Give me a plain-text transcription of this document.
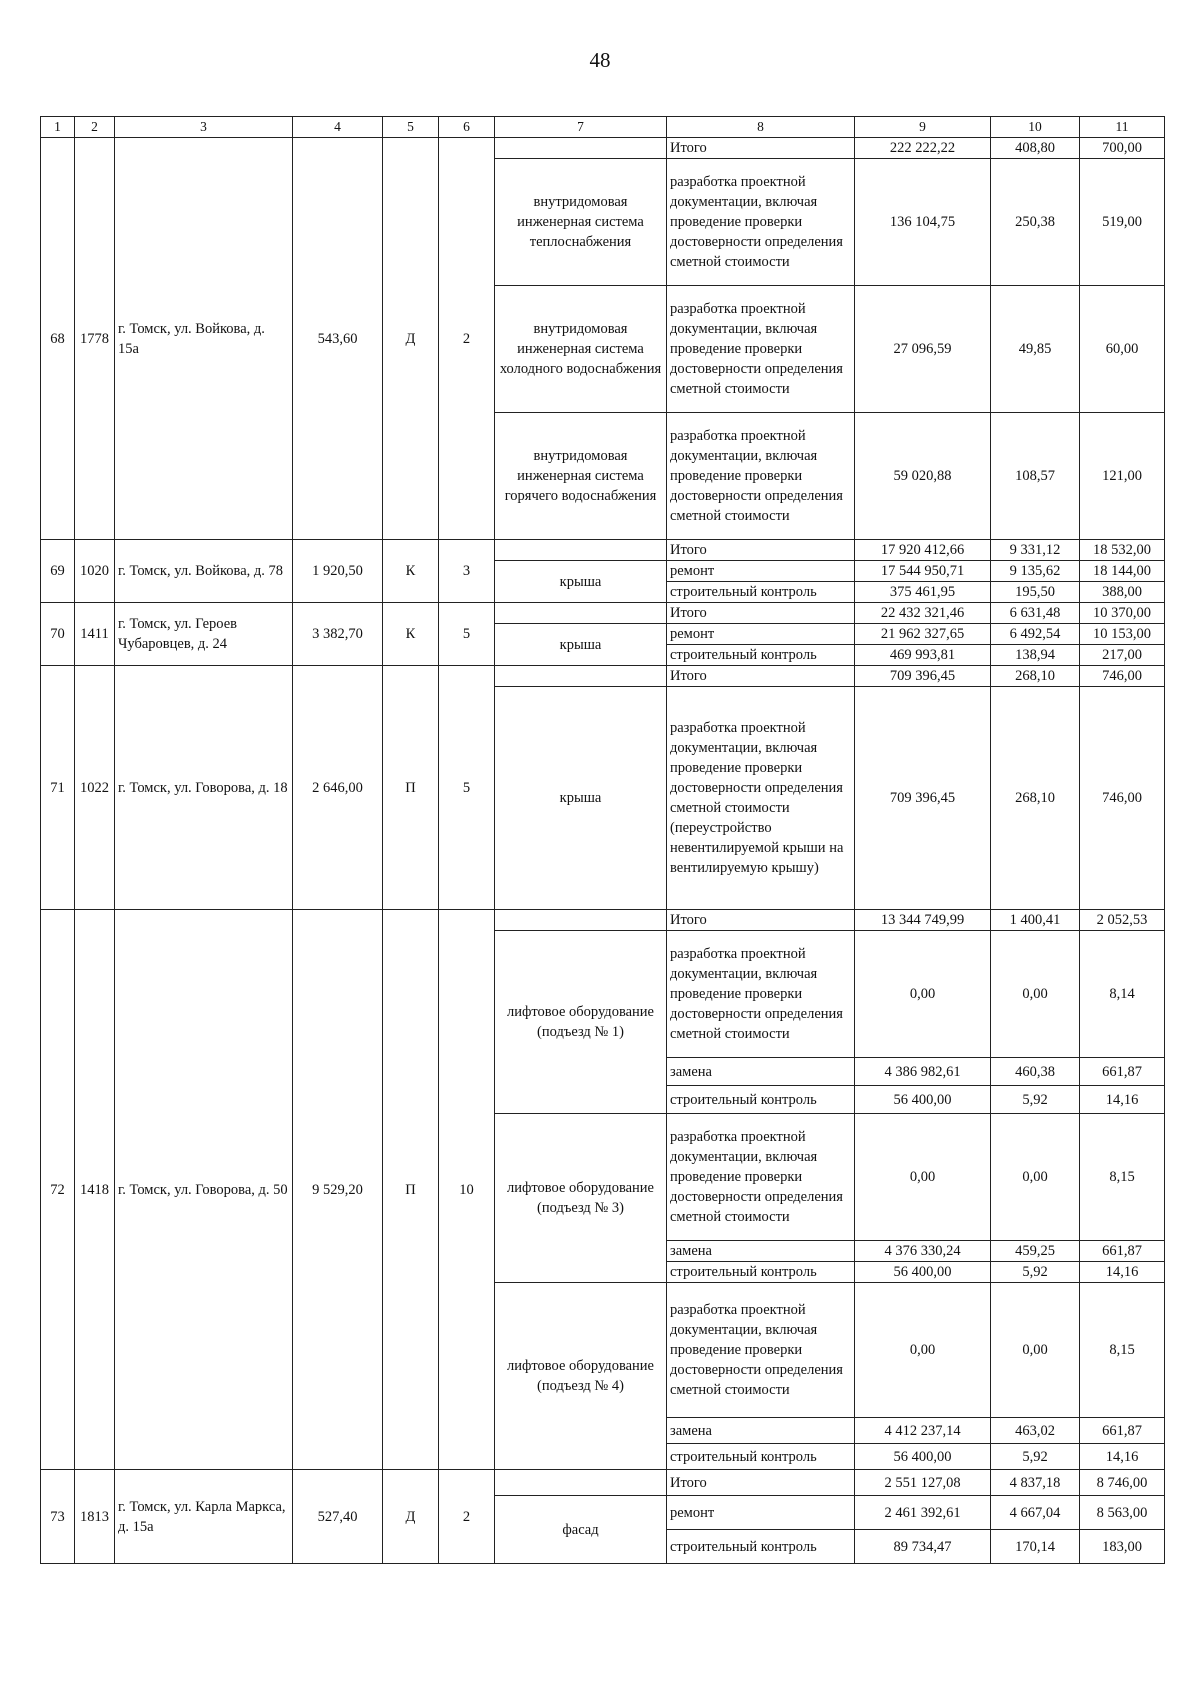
48
1	2	3	4	5	6	7	8	9	10	11
68	1778	г. Томск, ул. Войкова, д. 15а	543,60	Д	2		Итого	222 222,22	408,80	700,00
						внутридомовая инженерная система теплоснабжения	разработка проектной документации, включая проведение проверки достоверности определения сметной стоимости	136 104,75	250,38	519,00
						внутридомовая инженерная система холодного водоснабжения	разработка проектной документации, включая проведение проверки достоверности определения сметной стоимости	27 096,59	49,85	60,00
						внутридомовая инженерная система горячего водоснабжения	разработка проектной документации, включая проведение проверки достоверности определения сметной стоимости	59 020,88	108,57	121,00
69	1020	г. Томск, ул. Войкова, д. 78	1 920,50	К	3		Итого	17 920 412,66	9 331,12	18 532,00
						крыша	ремонт	17 544 950,71	9 135,62	18 144,00
							строительный контроль	375 461,95	195,50	388,00
70	1411	г. Томск, ул. Героев Чубаровцев, д. 24	3 382,70	К	5		Итого	22 432 321,46	6 631,48	10 370,00
						крыша	ремонт	21 962 327,65	6 492,54	10 153,00
							строительный контроль	469 993,81	138,94	217,00
71	1022	г. Томск, ул. Говорова, д. 18	2 646,00	П	5		Итого	709 396,45	268,10	746,00
						крыша	разработка проектной документации, включая проведение проверки достоверности определения сметной стоимости (переустройство невентилируемой крыши на вентилируемую крышу)	709 396,45	268,10	746,00
72	1418	г. Томск, ул. Говорова, д. 50	9 529,20	П	10		Итого	13 344 749,99	1 400,41	2 052,53
						лифтовое оборудование (подъезд № 1)	разработка проектной документации, включая проведение проверки достоверности определения сметной стоимости	0,00	0,00	8,14
							замена	4 386 982,61	460,38	661,87
							строительный контроль	56 400,00	5,92	14,16
						лифтовое оборудование (подъезд № 3)	разработка проектной документации, включая проведение проверки достоверности определения сметной стоимости	0,00	0,00	8,15
							замена	4 376 330,24	459,25	661,87
							строительный контроль	56 400,00	5,92	14,16
						лифтовое оборудование (подъезд № 4)	разработка проектной документации, включая проведение проверки достоверности определения сметной стоимости	0,00	0,00	8,15
							замена	4 412 237,14	463,02	661,87
							строительный контроль	56 400,00	5,92	14,16
73	1813	г. Томск, ул. Карла Маркса, д. 15а	527,40	Д	2		Итого	2 551 127,08	4 837,18	8 746,00
						фасад	ремонт	2 461 392,61	4 667,04	8 563,00
							строительный контроль	89 734,47	170,14	183,00
